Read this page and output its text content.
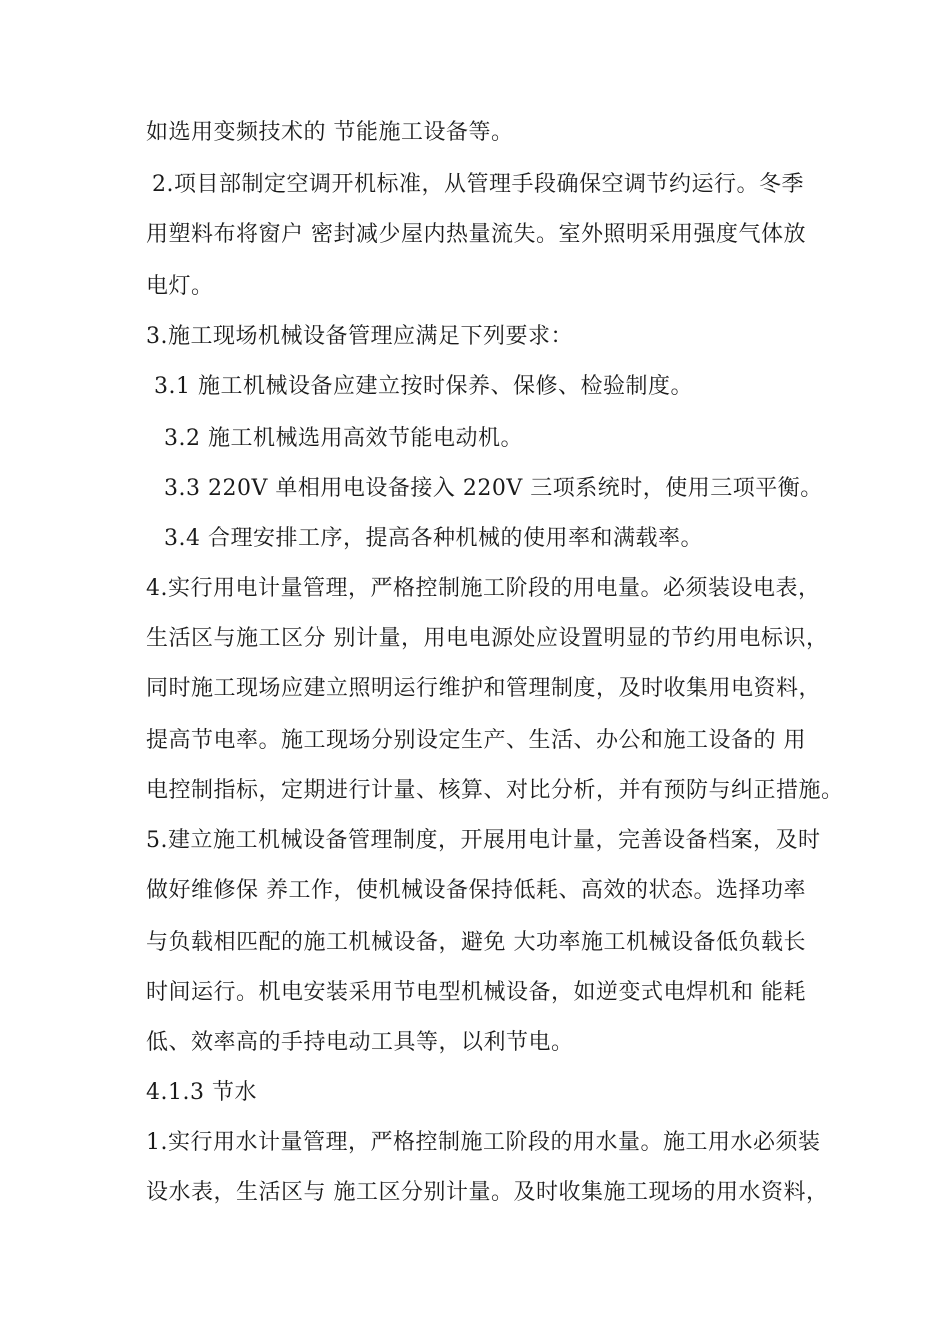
如选用变频技术的 节能施工设备等。
2.项目部制定空调开机标准，从管理手段确保空调节约运行。冬季
用塑料布将窗户 密封减少屋内热量流失。室外照明采用强度气体放
电灯。
3.施工现场机械设备管理应满足下列要求：
3.1 施工机械设备应建立按时保养、保修、检验制度。
3.2 施工机械选用高效节能电动机。
3.3 220V 单相用电设备接入 220V 三项系统时，使用三项平衡。
3.4 合理安排工序，提高各种机械的使用率和满载率。
4.实行用电计量管理，严格控制施工阶段的用电量。必须装设电表，
生活区与施工区分 别计量，用电电源处应设置明显的节约用电标识，
同时施工现场应建立照明运行维护和管理制度，及时收集用电资料，
提高节电率。施工现场分别设定生产、生活、办公和施工设备的 用
电控制指标，定期进行计量、核算、对比分析，并有预防与纠正措施。
5.建立施工机械设备管理制度，开展用电计量，完善设备档案，及时
做好维修保 养工作，使机械设备保持低耗、高效的状态。选择功率
与负载相匹配的施工机械设备，避免 大功率施工机械设备低负载长
时间运行。机电安装采用节电型机械设备，如逆变式电焊机和 能耗
低、效率高的手持电动工具等，以利节电。
4.1.3 节水
1.实行用水计量管理，严格控制施工阶段的用水量。施工用水必须装
设水表，生活区与 施工区分别计量。及时收集施工现场的用水资料，
